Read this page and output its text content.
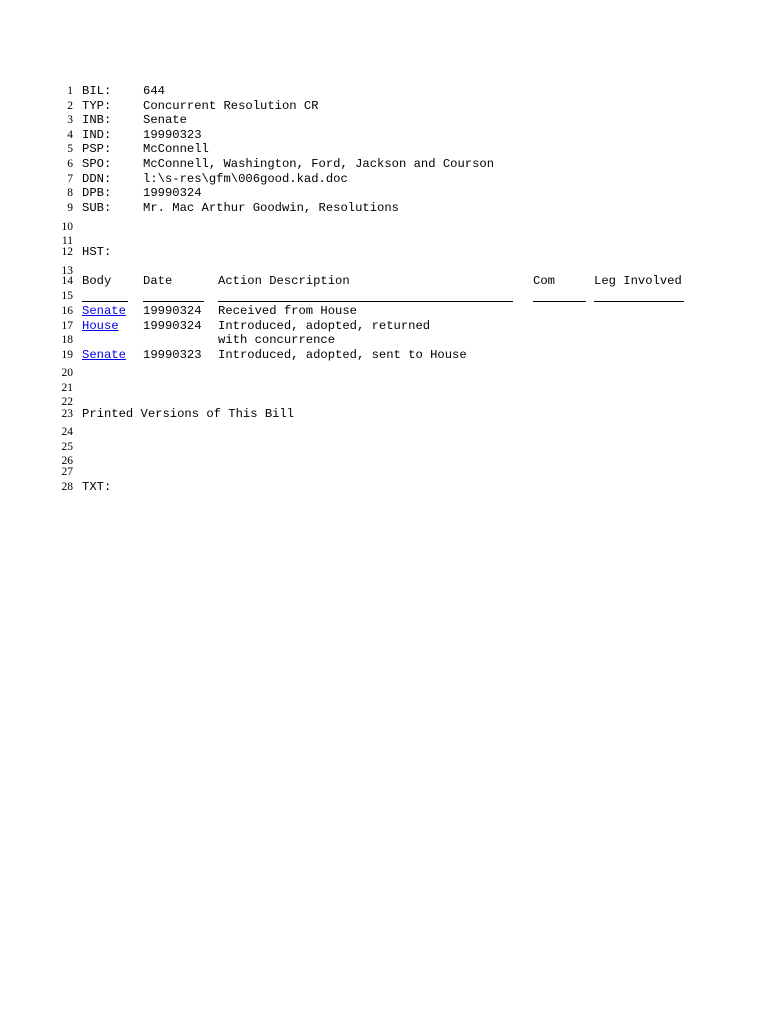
1
2
3
4
5
6
7
8
9
10
11
12
13
14
15
16
17
18
19
20
21
22
23
24
25
26
27
28
BIL:	644
TYP:	Concurrent Resolution CR
INB:	Senate
IND:	19990323
PSP:	McConnell
SPO:	McConnell, Washington, Ford, Jackson and Courson
DDN:	l:\s-res\gfm\006good.kad.doc
DPB:	19990324
SUB:	Mr. Mac Arthur Goodwin, Resolutions
HST:
Body	Date	Action Description	Com	Leg Involved
Senate 19990324 Received from House
House 19990324 Introduced, adopted, returned
with concurrence
Senate 19990323 Introduced, adopted, sent to House
Printed Versions of This Bill
TXT:
